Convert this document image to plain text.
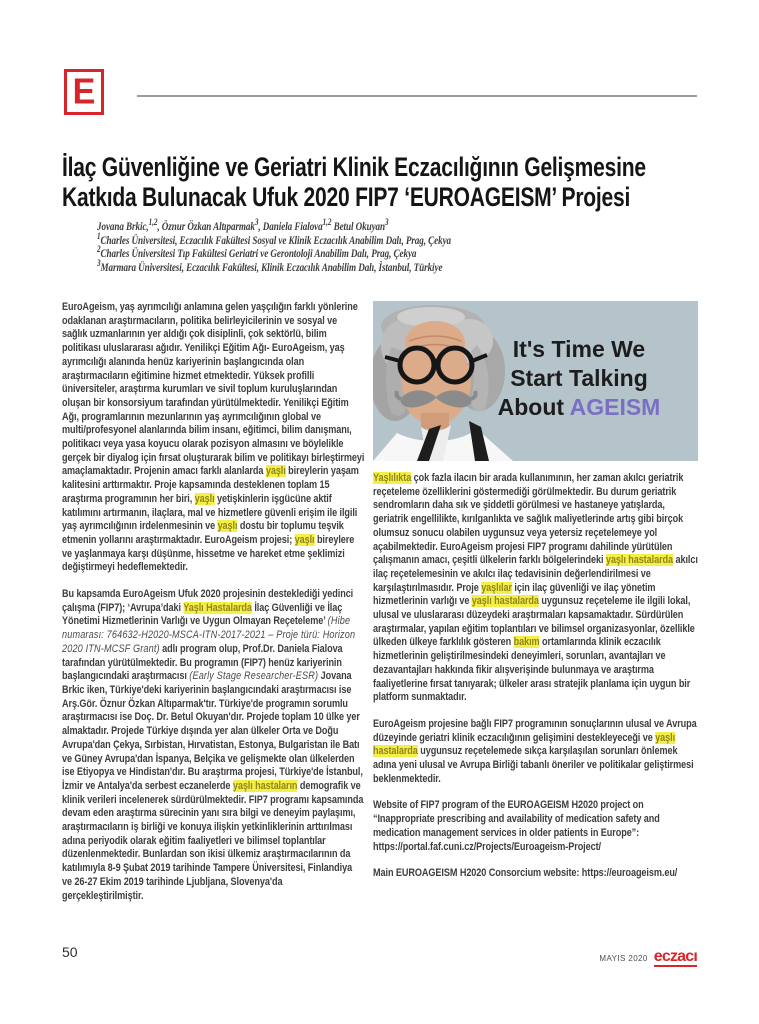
E
İlaç Güvenliğine ve Geriatri Klinik Eczacılığının Gelişmesine
Katkıda Bulunacak Ufuk 2020 FIP7 ‘EUROAGEISM’ Projesi

Jovana Brkic,$^{1,2}$, Öznur Özkan Altıparmak$^3$, Daniela Fialova$^{1,2}$ Betul Okuyan$^3$

$^1$Charles Üniversitesi, Eczacılık Fakültesi Sosyal ve Klinik Eczacılık Anabilim Dalı, Prag, Çekya

$^2$Charles Üniversitesi Tıp Fakültesi Geriatri ve Gerontoloji Anabilim Dalı, Prag, Çekya

$^3$Marmara Üniversitesi, Eczacılık Fakültesi, Klinik Eczacılık Anabilim Dalı, İstanbul, Türkiye

EuroAgeism, yaş ayrımcılığı anlamına gelen yaşçılığın farklı yönlerine odaklanan araştırmacıların, politika belirleyicilerinin ve sosyal ve sağlık uzmanlarının yer aldığı çok disiplinli, çok sektörlü, bilim politikası uluslararası ağıdır. Yenilikçi Eğitim Ağı- EuroAgeism, yaş ayrımcılığı alanında henüz kariyerinin başlangıcında olan araştırmacıların eğitimine hizmet etmektedir. Yüksek profilli üniversiteler, araştırma kurumları ve sivil toplum kuruluşlarından oluşan bir konsorsiyum tarafından yürütülmektedir. Yenilikçi Eğitim Ağı, programlarının mezunlarının yaş ayrımcılığının global ve multi/profesyonel alanlarında bilim insanı, eğitimci, bilim danışmanı, politikacı veya yasa koyucu olarak pozisyon almasını ve böylelikle gerçek bir diyalog için fırsat oluşturarak bilim ve politikayı birleştirmeyi amaçlamaktadır. Projenin amacı farklı alanlarda yaşlı bireylerin yaşam kalitesini arttırmaktır. Proje kapsamında desteklenen toplam 15 araştırma programının her biri, yaşlı yetişkinlerin işgücüne aktif katılımını artırmanın, ilaçlara, mal ve hizmetlere güvenli erişim ile ilgili yaş ayrımcılığının irdelenmesinin ve yaşlı dostu bir toplumu teşvik etmenin yollarını araştırmaktadır. EuroAgeism projesi; yaşlı bireylere ve yaşlanmaya karşı düşünme, hissetme ve hareket etme şeklimizi değiştirmeyi hedeflemektedir.

Bu kapsamda EuroAgeism Ufuk 2020 projesinin desteklediği yedinci çalışma (FIP7); ‘Avrupa’daki Yaşlı Hastalarda İlaç Güvenliği ve İlaç Yönetimi Hizmetlerinin Varlığı ve Uygun Olmayan Reçeteleme’ (Hibe numarası: 764632-H2020-MSCA-ITN-2017-2021 – Proje türü: Horizon 2020 ITN-MCSF Grant) adlı program olup, Prof.Dr. Daniela Fialova tarafından yürütülmektedir. Bu programın (FIP7) henüz kariyerinin başlangıcındaki araştırmacısı (Early Stage Researcher-ESR) Jovana Brkic iken, Türkiye'deki kariyerinin başlangıcındaki araştırmacısı ise Arş.Gör. Öznur Özkan Altıparmak'tır. Türkiye'de programın sorumlu araştırmacısı ise Doç. Dr. Betul Okuyan'dır. Projede toplam 10 ülke yer almaktadır. Projede Türkiye dışında yer alan ülkeler Orta ve Doğu Avrupa'dan Çekya, Sırbistan, Hırvatistan, Estonya, Bulgaristan ile Batı ve Güney Avrupa'dan İspanya, Belçika ve gelişmekte olan ülkelerden ise Etiyopya ve Hindistan'dır. Bu araştırma projesi, Türkiye'de İstanbul, İzmir ve Antalya'da serbest eczanelerde yaşlı hastaların demografik ve klinik verileri incelenerek sürdürülmektedir. FIP7 programı kapsamında devam eden araştırma sürecinin yanı sıra bilgi ve deneyim paylaşımı, araştırmacıların iş birliği ve konuya ilişkin yetkinliklerinin arttırılması adına periyodik olarak eğitim faaliyetleri ve bilimsel toplantılar düzenlenmektedir. Bunlardan son ikisi ülkemiz araştırmacılarının da katılımıyla 8-9 Şubat 2019 tarihinde Tampere Üniversitesi, Finlandiya ve 26-27 Ekim 2019 tarihinde Ljubljana, Slovenya'da gerçekleştirilmiştir.

It's Time We
Start Talking
About AGEISM

Yaşlılıkta çok fazla ilacın bir arada kullanımının, her zaman akılcı geriatrik reçeteleme özelliklerini göstermediği görülmektedir. Bu durum geriatrik sendromların daha sık ve şiddetli görülmesi ve hastaneye yatışlarda, geriatrik engellilikte, kırılganlıkta ve sağlık maliyetlerinde artış gibi birçok olumsuz sonucu olabilen uygunsuz veya yetersiz reçetelemeye yol açabilmektedir. EuroAgeism projesi FIP7 programı dahilinde yürütülen çalışmanın amacı, çeşitli ülkelerin farklı bölgelerindeki yaşlı hastalarda akılcı ilaç reçetelemesinin ve akılcı ilaç tedavisinin değerlendirilmesi ve karşılaştırılmasıdır. Proje yaşlılar için ilaç güvenliği ve ilaç yönetim hizmetlerinin varlığı ve yaşlı hastalarda uygunsuz reçeteleme ile ilgili lokal, ulusal ve uluslararası düzeydeki araştırmaları kapsamaktadır. Sürdürülen araştırmalar, yapılan eğitim toplantıları ve bilimsel organizasyonlar, özellikle ülkeden ülkeye farklılık gösteren bakım ortamlarında klinik eczacılık hizmetlerinin geliştirilmesindeki deneyimleri, sorunları, avantajları ve dezavantajları hakkında fikir alışverişinde bulunmaya ve araştırma faaliyetlerine fırsat tanıyarak; ülkeler arası stratejik planlama için uygun bir platform sunmaktadır.

EuroAgeism projesine bağlı FIP7 programının sonuçlarının ulusal ve Avrupa düzeyinde geriatri klinik eczacılığının gelişimini destekleyeceği ve yaşlı hastalarda uygunsuz reçetelemede sıkça karşılaşılan sorunları önlemek adına yeni ulusal ve Avrupa Birliği tabanlı öneriler ve politikalar geliştirmesi beklenmektedir.

Website of FIP7 program of the EUROAGEISM H2020 project on “Inappropriate prescribing and availability of medication safety and medication management services in older patients in Europe”: https://portal.faf.cuni.cz/Projects/Euroageism-Project/

Main EUROAGEISM H2020 Consorcium website: https://euroageism.eu/

50	MAYIS 2020 eczacı
